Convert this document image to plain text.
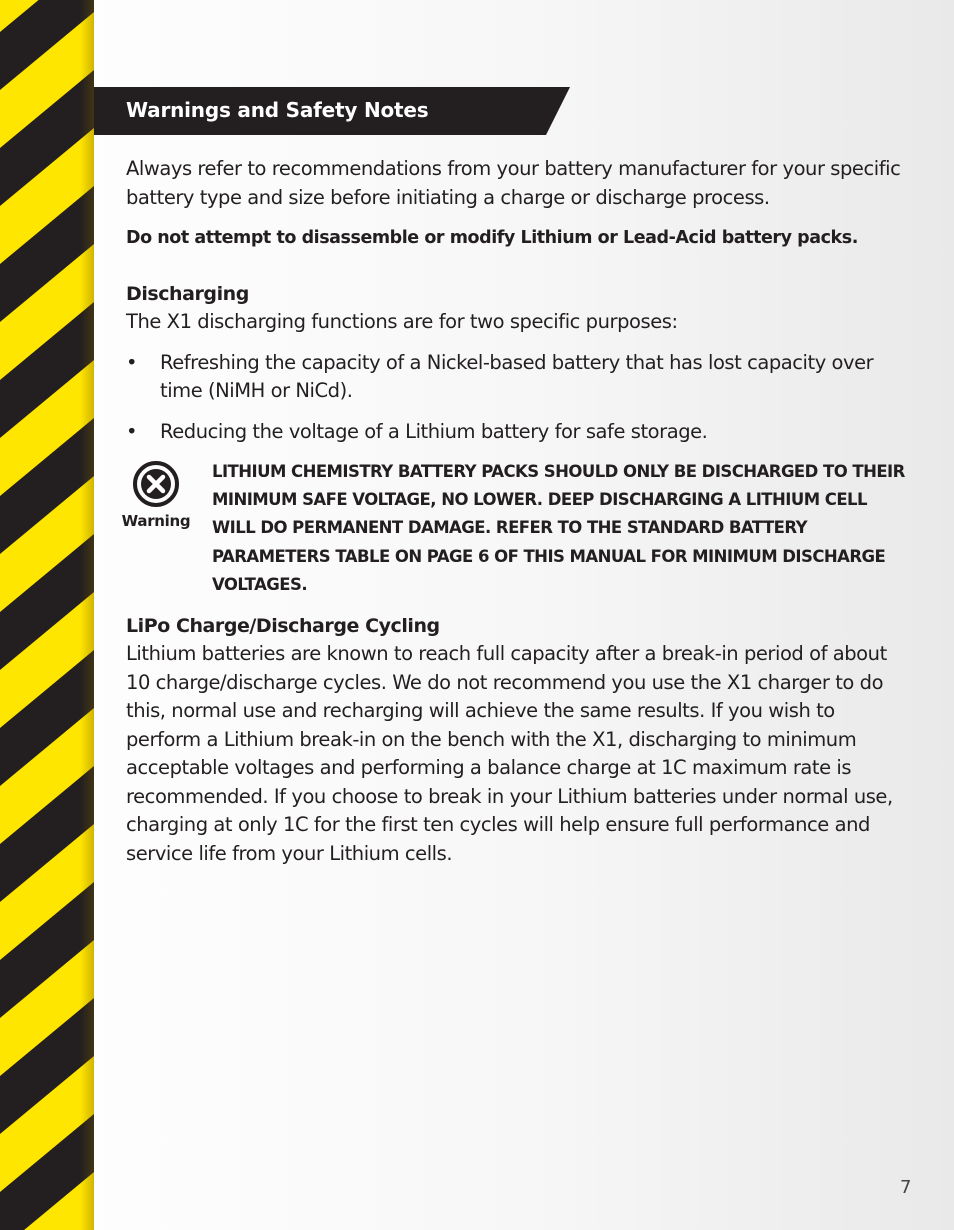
Warnings and Safety Notes

Always refer to recommendations from your battery manufacturer for your specific battery type and size before initiating a charge or discharge process.

Do not attempt to disassemble or modify Lithium or Lead-Acid battery packs.

Discharging

The X1 discharging functions are for two specific purposes:

• Refreshing the capacity of a Nickel-based battery that has lost capacity over time (NiMH or NiCd).
• Reducing the voltage of a Lithium battery for safe storage.
Warning
LITHIUM CHEMISTRY BATTERY PACKS SHOULD ONLY BE DISCHARGED TO THEIR MINIMUM SAFE VOLTAGE, NO LOWER. DEEP DISCHARGING A LITHIUM CELL WILL DO PERMANENT DAMAGE. REFER TO THE STANDARD BATTERY PARAMETERS TABLE ON PAGE 6 OF THIS MANUAL FOR MINIMUM DISCHARGE VOLTAGES.

LiPo Charge/Discharge Cycling

Lithium batteries are known to reach full capacity after a break-in period of about 10 charge/discharge cycles. We do not recommend you use the X1 charger to do this, normal use and recharging will achieve the same results. If you wish to perform a Lithium break-in on the bench with the X1, discharging to minimum acceptable voltages and performing a balance charge at 1C maximum rate is recommended. If you choose to break in your Lithium batteries under normal use, charging at only 1C for the first ten cycles will help ensure full performance and service life from your Lithium cells.

7
